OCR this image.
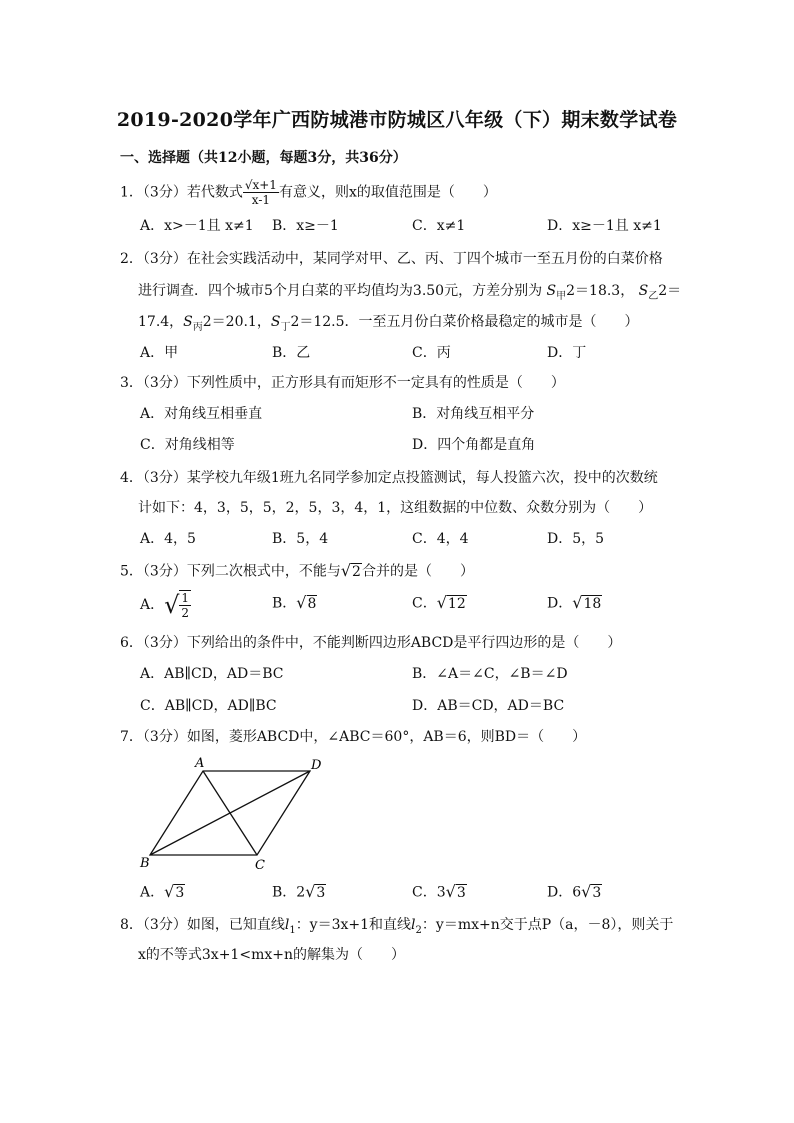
2019-2020学年广西防城港市防城区八年级（下）期末数学试卷
一、选择题（共12小题，每题3分，共36分）
1．（3分）若代数式 $\frac{√x+1}{x-1}$ 有意义，则x的取值范围是（　　）
A．x>－1且 x≠1 B．x≥－1	C．x≠1	D．x≥－1且 x≠1
2．（3分）在社会实践活动中，某同学对甲、乙、丙、丁四个城市一至五月份的白菜价格
进行调查．四个城市5个月白菜的平均值均为3.50元，方差分别为 $S_甲2=18.3$， $S_乙2=$
17.4，$S_丙2=20.1$，$S_丁2=12.5$．一至五月份白菜价格最稳定的城市是（　　）
A．甲	B．乙	C．丙	D．丁
3．（3分）下列性质中，正方形具有而矩形不一定具有的性质是（　　）
A．对角线互相垂直	B．对角线互相平分
C．对角线相等	D．四个角都是直角
4．（3分）某学校九年级1班九名同学参加定点投篮测试，每人投篮六次，投中的次数统
计如下：4，3，5，5，2，5，3，4，1，这组数据的中位数、众数分别为（　　）
A．4，5	B．5，4	C．4，4	D．5，5
5．（3分）下列二次根式中，不能与√2合并的是（　　）
A．√ $\frac{1}{2}$	B．√8	C．√12	D．√18
6．（3分）下列给出的条件中，不能判断四边形ABCD是平行四边形的是（　　）
A．AB∥CD，AD＝BC	B．∠A＝∠C，∠B＝∠D
C．AB∥CD，AD∥BC	D．AB＝CD，AD＝BC
7．（3分）如图，菱形ABCD中，∠ABC＝60°，AB＝6，则BD＝（　　）
A	D
B	C
A．√3	B．2√3	C．3√3	D．6√3
8．（3分）如图，已知直线$l_1$：y＝3x+1和直线$l_2$：y＝mx+n交于点P（a，－8），则关于
x的不等式3x+1<mx+n的解集为（　　）
